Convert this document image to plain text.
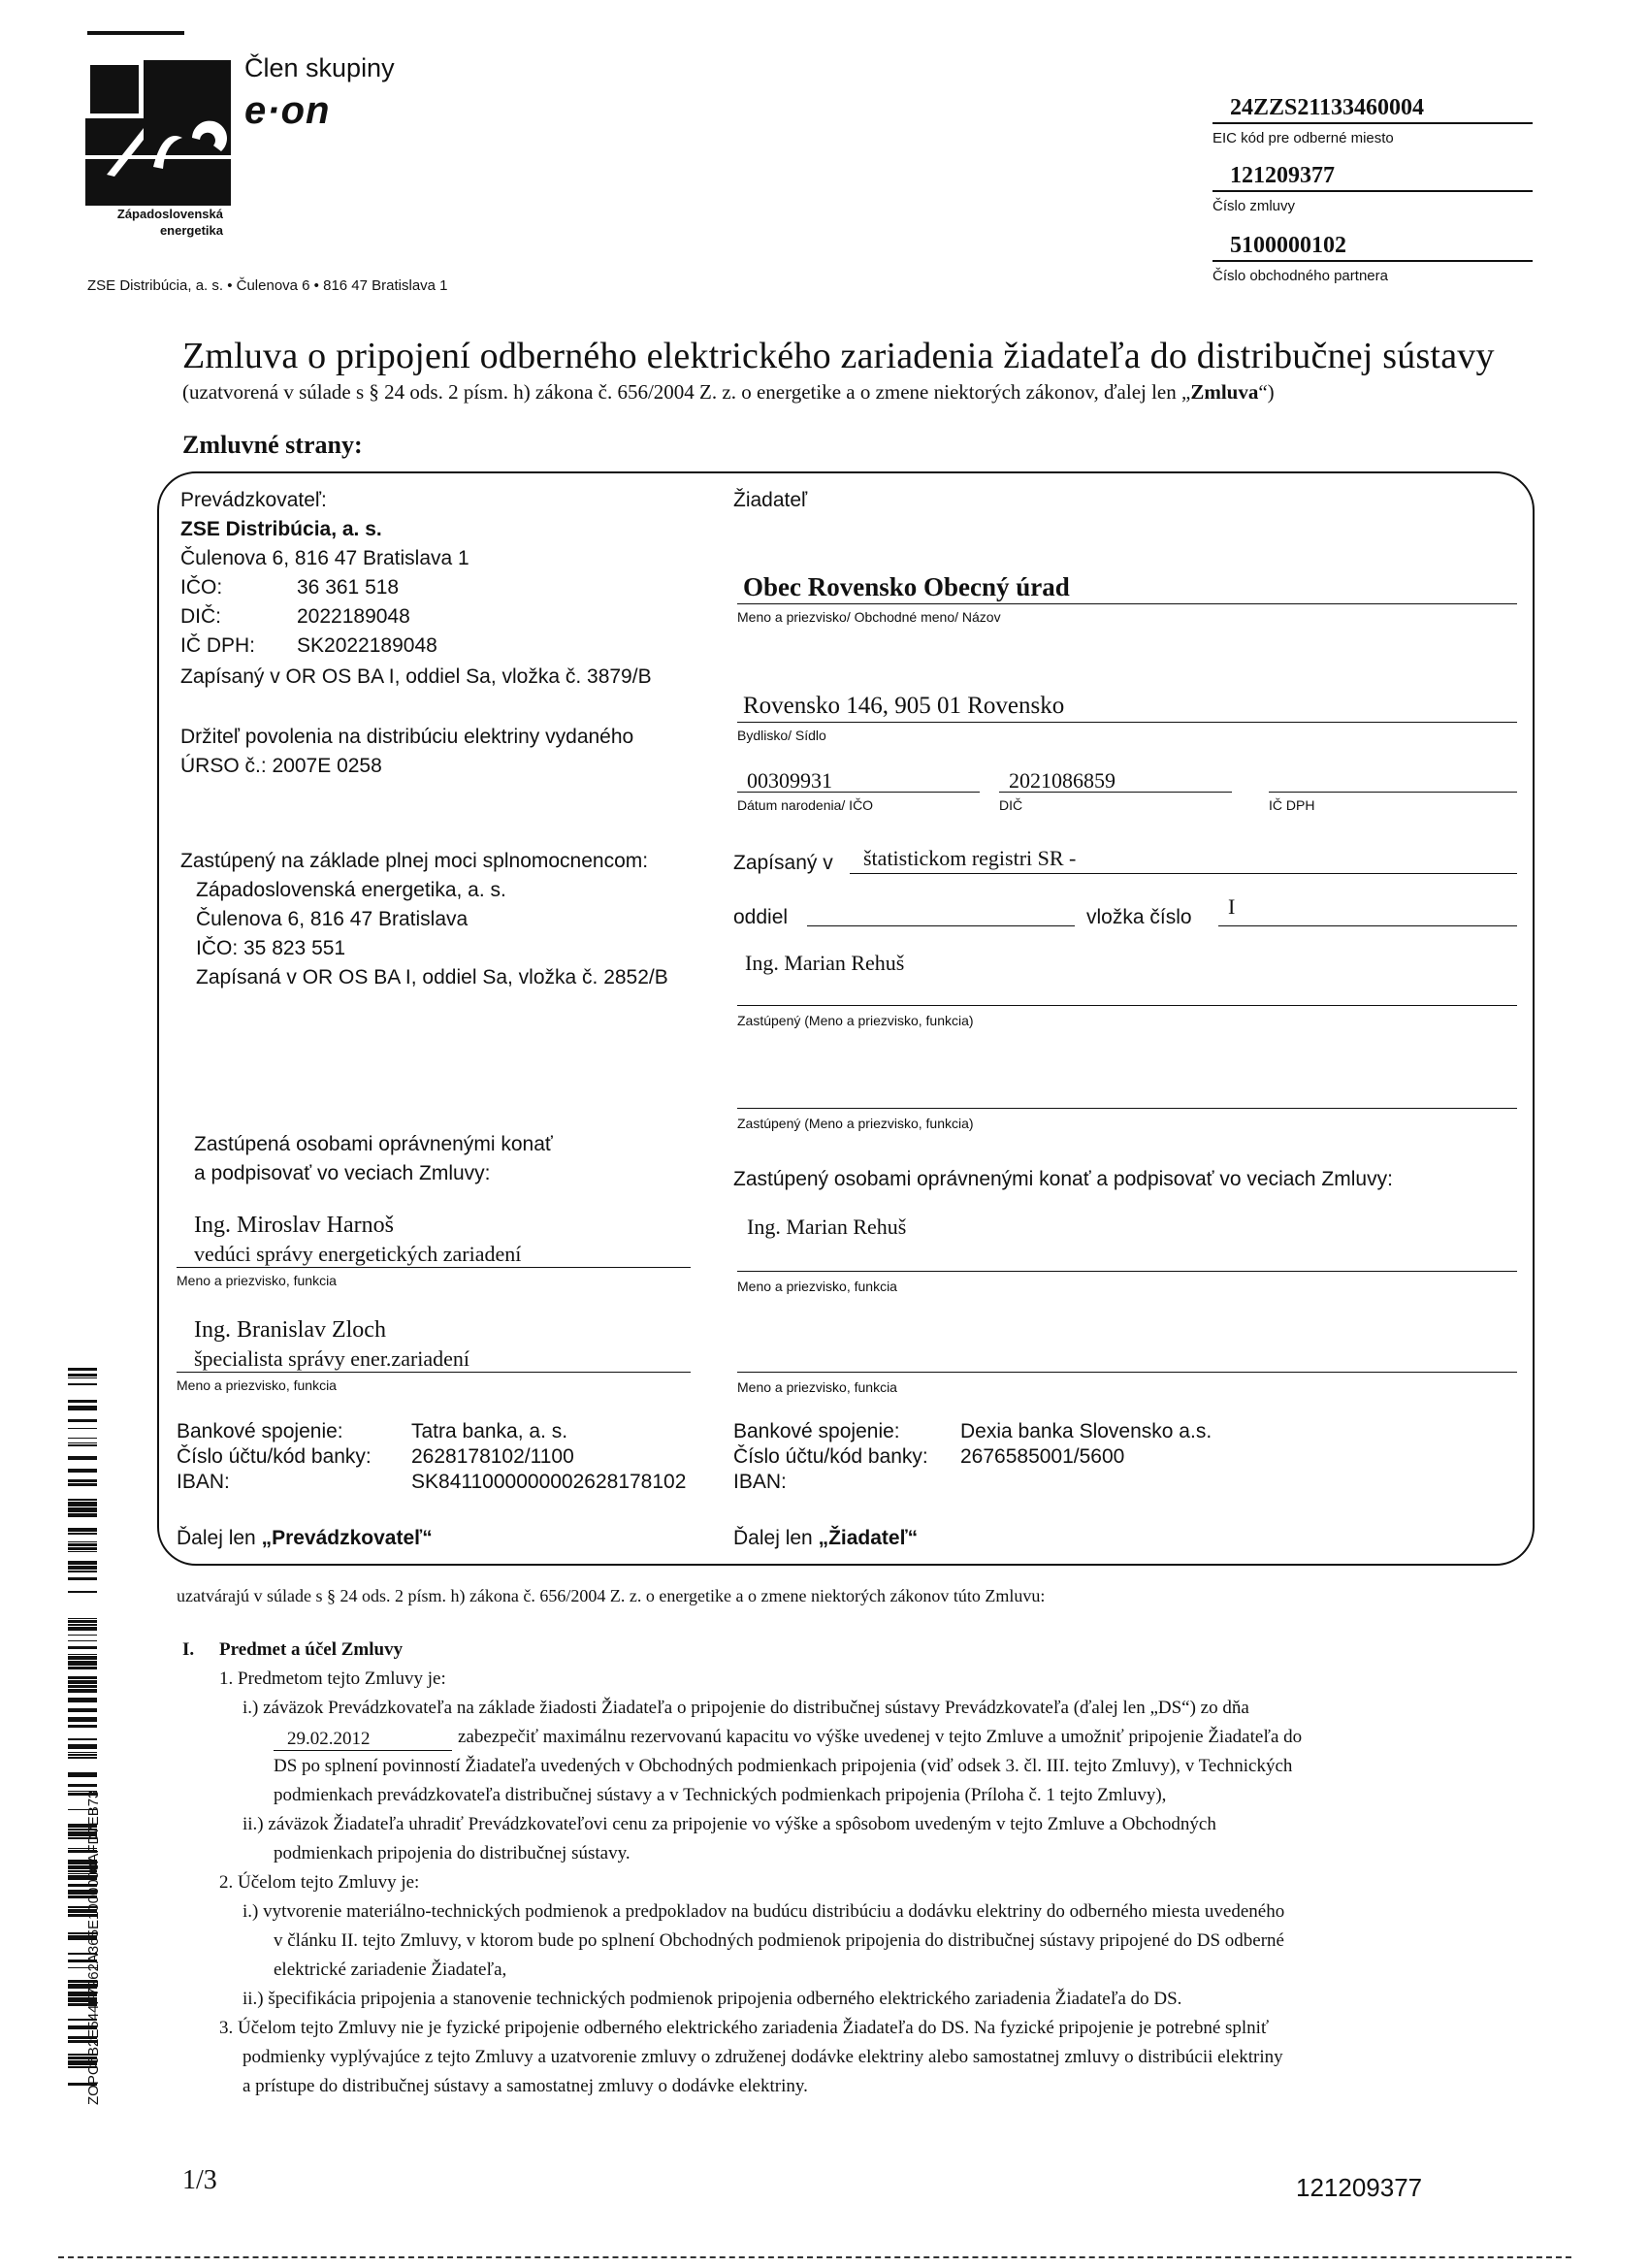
Člen skupiny
e·on
Západoslovenská
energetika
ZSE Distribúcia, a. s. • Čulenova 6 • 816 47 Bratislava 1
24ZZS21133460004
EIC kód pre odberné miesto
121209377
Číslo zmluvy
5100000102
Číslo obchodného partnera
Zmluva o pripojení odberného elektrického zariadenia žiadateľa do distribučnej sústavy
(uzatvorená v súlade s § 24 ods. 2 písm. h) zákona č. 656/2004 Z. z. o energetike a o zmene niektorých zákonov, ďalej len „Zmluva“)
Zmluvné strany:
Prevádzkovateľ:
ZSE Distribúcia, a. s.
Čulenova 6, 816 47 Bratislava 1
IČO:	36 361 518
DIČ:	2022189048
IČ DPH: SK2022189048
Zapísaný v OR OS BA I, oddiel Sa, vložka č. 3879/B
Držiteľ povolenia na distribúciu elektriny vydaného
ÚRSO č.: 2007E 0258
Zastúpený na základe plnej moci splnomocnencom:
Západoslovenská energetika, a. s.
Čulenova 6, 816 47 Bratislava
IČO: 35 823 551
Zapísaná v OR OS BA I, oddiel Sa, vložka č. 2852/B
Zastúpená osobami oprávnenými konať
a podpisovať vo veciach Zmluvy:
Ing. Miroslav Harnoš
vedúci správy energetických zariadení
Meno a priezvisko, funkcia
Ing. Branislav Zloch
špecialista správy ener.zariadení
Meno a priezvisko, funkcia
Bankové spojenie:	Tatra banka, a. s.
Číslo účtu/kód banky: 2628178102/1100
IBAN:	SK8411000000002628178102
Ďalej len „Prevádzkovateľ“
Žiadateľ
Obec Rovensko Obecný úrad
Meno a priezvisko/ Obchodné meno/ Názov
Rovensko 146, 905 01 Rovensko
Bydlisko/ Sídlo
00309931
Dátum narodenia/ IČO
2021086859
DIČ	IČ DPH
Zapísaný v štatistickom registri SR -
oddiel	vložka číslo I
Ing. Marian Rehuš
Zastúpený (Meno a priezvisko, funkcia)
Zastúpený (Meno a priezvisko, funkcia)
Zastúpený osobami oprávnenými konať a podpisovať vo veciach Zmluvy:
Ing. Marian Rehuš
Meno a priezvisko, funkcia
Meno a priezvisko, funkcia
Bankové spojenie:	Dexia banka Slovensko a.s.
Číslo účtu/kód banky: 2676585001/5600
IBAN:
Ďalej len „Žiadateľ“
uzatvárajú v súlade s § 24 ods. 2 písm. h) zákona č. 656/2004 Z. z. o energetike a o zmene niektorých zákonov túto Zmluvu:
I. Predmet a účel Zmluvy
1. Predmetom tejto Zmluvy je:
i.) záväzok Prevádzkovateľa na základe žiadosti Žiadateľa o pripojenie do distribučnej sústavy Prevádzkovateľa (ďalej len „DS“) zo dňa
29.02.2012	zabezpečiť maximálnu rezervovanú kapacitu vo výške uvedenej v tejto Zmluve a umožniť pripojenie Žiadateľa do
DS po splnení povinností Žiadateľa uvedených v Obchodných podmienkach pripojenia (viď odsek 3. čl. III. tejto Zmluvy), v Technických
podmienkach prevádzkovateľa distribučnej sústavy a v Technických podmienkach pripojenia (Príloha č. 1 tejto Zmluvy),
ii.) záväzok Žiadateľa uhradiť Prevádzkovateľovi cenu za pripojenie vo výške a spôsobom uvedeným v tejto Zmluve a Obchodných
podmienkach pripojenia do distribučnej sústavy.
2. Účelom tejto Zmluvy je:
i.) vytvorenie materiálno-technických podmienok a predpokladov na budúcu distribúciu a dodávku elektriny do odberného miesta uvedeného
v článku II. tejto Zmluvy, v ktorom bude po splnení Obchodných podmienok pripojenia do distribučnej sústavy pripojené do DS odberné
elektrické zariadenie Žiadateľa,
ii.) špecifikácia pripojenia a stanovenie technických podmienok pripojenia odberného elektrického zariadenia Žiadateľa do DS.
3. Účelom tejto Zmluvy nie je fyzické pripojenie odberného elektrického zariadenia Žiadateľa do DS. Na fyzické pripojenie je potrebné splniť
podmienky vyplývajúce z tejto Zmluvy a uzatvorenie zmluvy o združenej dodávke elektriny alebo samostatnej zmluvy o distribúcii elektriny
a prístupe do distribučnej sústavy a samostatnej zmluvy o dodávke elektriny.
ZOPC6B2E544F7262A365E1000000AFD7EB73
1/3	121209377
